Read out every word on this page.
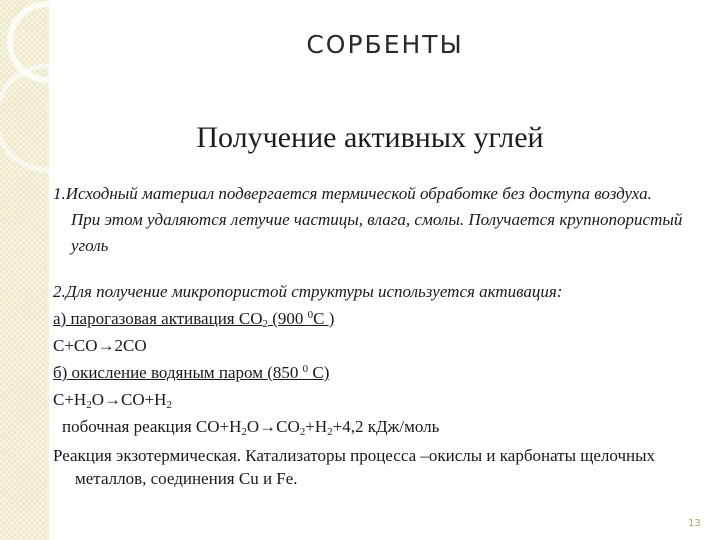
СОРБЕНТЫ
Получение активных углей

1.Исходный материал подвергается термической обработке без доступа воздуха. При этом удаляются летучие частицы, влага, смолы. Получается крупнопористый уголь

2.Для получение микропористой структуры используется активация:

а) парогазовая активация $CO_2$ (900 $^0$C )

C+CO→2CO

б) окисление водяным паром (850 $^0$ C)

$C+H_2O\to CO+H_2$

побочная реакция $CO+H_2O\to CO_2+H_2+4,2$ кДж/моль

Реакция экзотермическая. Катализаторы процесса –окислы и карбонаты щелочных металлов, соединения Cu и Fe.

13
